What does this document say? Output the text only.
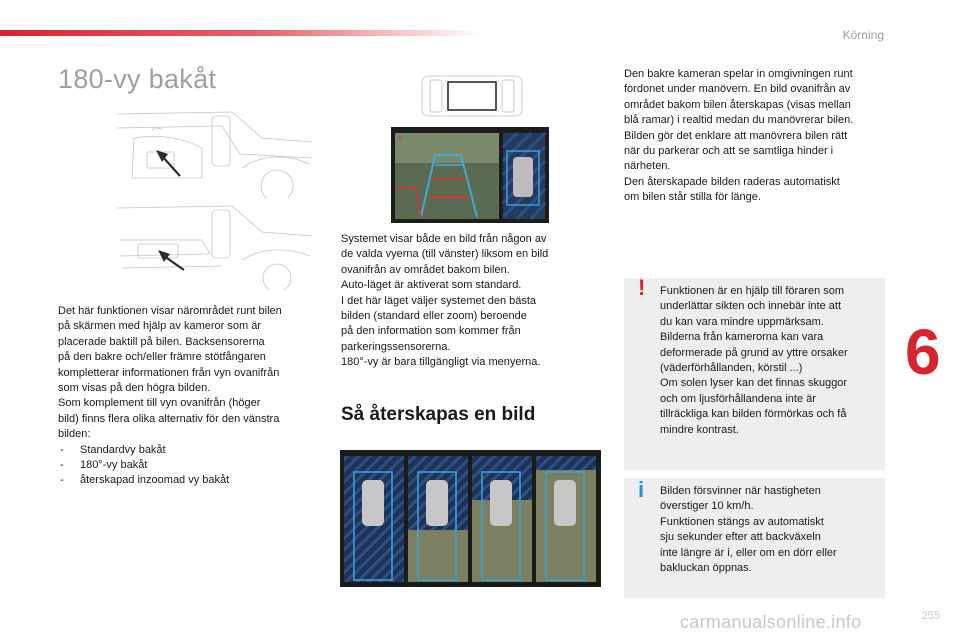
Körning
180-vy bakåt
6
×

Det här funktionen visar närområdet runt bilen
på skärmen med hjälp av kameror som är
placerade baktill på bilen. Backsensorerna
på den bakre och/eller främre stötfångaren
kompletterar informationen från vyn ovanifrån
som visas på den högra bilden.
Som komplement till vyn ovanifrån (höger
bild) finns flera olika alternativ för den vänstra
bilden:

- Standardvy bakåt
- 180°-vy bakåt
- återskapad inzoomad vy bakåt

Systemet visar både en bild från någon av
de valda vyerna (till vänster) liksom en bild
ovanifrån av området bakom bilen.
Auto-läget är aktiverat som standard.
I det här läget väljer systemet den bästa
bilden (standard eller zoom) beroende
på den information som kommer från
parkeringssensorerna.
180°-vy är bara tillgängligt via menyerna.

Så återskapas en bild

Den bakre kameran spelar in omgivningen runt
fordonet under manövern. En bild ovanifrån av
området bakom bilen återskapas (visas mellan
blå ramar) i realtid medan du manövrerar bilen.
Bilden gör det enklare att manövrera bilen rätt
när du parkerar och att se samtliga hinder i
närheten.
Den återskapade bilden raderas automatiskt
om bilen står stilla för länge.

! Funktionen är en hjälp till föraren som
underlättar sikten och innebär inte att
du kan vara mindre uppmärksam.
Bilderna från kamerorna kan vara
deformerade på grund av yttre orsaker
(väderförhållanden, körstil ...)
Om solen lyser kan det finnas skuggor
och om ljusförhållandena inte är
tillräckliga kan bilden förmörkas och få
mindre kontrast.

i Bilden försvinner när hastigheten
överstiger 10 km/h.
Funktionen stängs av automatiskt
sju sekunder efter att backväxeln
inte längre är i, eller om en dörr eller
bakluckan öppnas.

carmanualsonline.info	255
